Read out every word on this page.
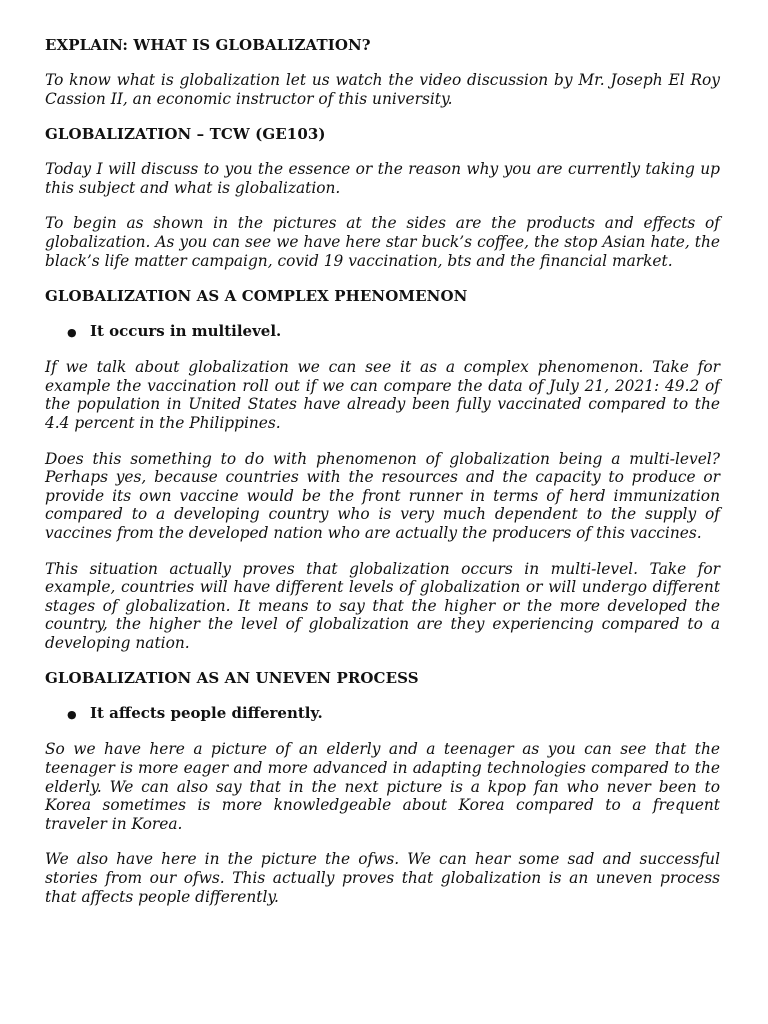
EXPLAIN: WHAT IS GLOBALIZATION?

To know what is globalization let us watch the video discussion by Mr. Joseph El Roy Cassion II, an economic instructor of this university.

GLOBALIZATION – TCW (GE103)

Today I will discuss to you the essence or the reason why you are currently taking up this subject and what is globalization.

To begin as shown in the pictures at the sides are the products and effects of globalization. As you can see we have here star buck’s coffee, the stop Asian hate, the black’s life matter campaign, covid 19 vaccination, bts and the financial market.

GLOBALIZATION AS A COMPLEX PHENOMENON
● It occurs in multilevel.

If we talk about globalization we can see it as a complex phenomenon. Take for example the vaccination roll out if we can compare the data of July 21, 2021: 49.2 of the population in United States have already been fully vaccinated compared to the 4.4 percent in the Philippines.

Does this something to do with phenomenon of globalization being a multi-level? Perhaps yes, because countries with the resources and the capacity to produce or provide its own vaccine would be the front runner in terms of herd immunization compared to a developing country who is very much dependent to the supply of vaccines from the developed nation who are actually the producers of this vaccines.

This situation actually proves that globalization occurs in multi-level. Take for example, countries will have different levels of globalization or will undergo different stages of globalization. It means to say that the higher or the more developed the country, the higher the level of globalization are they experiencing compared to a developing nation.

GLOBALIZATION AS AN UNEVEN PROCESS
● It affects people differently.

So we have here a picture of an elderly and a teenager as you can see that the teenager is more eager and more advanced in adapting technologies compared to the elderly. We can also say that in the next picture is a kpop fan who never been to Korea sometimes is more knowledgeable about Korea compared to a frequent traveler in Korea.

We also have here in the picture the ofws. We can hear some sad and successful stories from our ofws. This actually proves that globalization is an uneven process that affects people differently.
